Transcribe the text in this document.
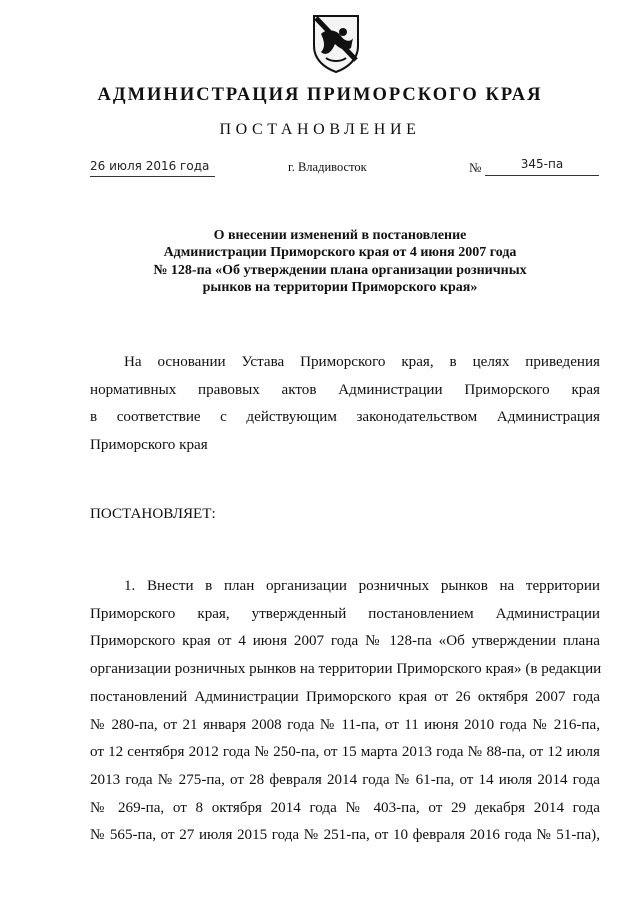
АДМИНИСТРАЦИЯ ПРИМОРСКОГО КРАЯ
ПОСТАНОВЛЕНИЕ
26 июля 2016 года	г. Владивосток	№	345-па
О внесении изменений в постановление
Администрации Приморского края от 4 июня 2007 года
№ 128-па «Об утверждении плана организации розничных
рынков на территории Приморского края»
На основании Устава Приморского края, в целях приведения
нормативных правовых актов Администрации Приморского края
в соответствие с действующим законодательством Администрация
Приморского края
ПОСТАНОВЛЯЕТ:
1. Внести в план организации розничных рынков на территории
Приморского края, утвержденный постановлением Администрации
Приморского края от 4 июня 2007 года № 128-па «Об утверждении плана
организации розничных рынков на территории Приморского края» (в редакции
постановлений Администрации Приморского края от 26 октября 2007 года
№ 280-па, от 21 января 2008 года № 11-па, от 11 июня 2010 года № 216-па,
от 12 сентября 2012 года № 250-па, от 15 марта 2013 года № 88-па, от 12 июля
2013 года № 275-па, от 28 февраля 2014 года № 61-па, от 14 июля 2014 года
№ 269-па, от 8 октября 2014 года № 403-па, от 29 декабря 2014 года
№ 565-па, от 27 июля 2015 года № 251-па, от 10 февраля 2016 года № 51-па),
